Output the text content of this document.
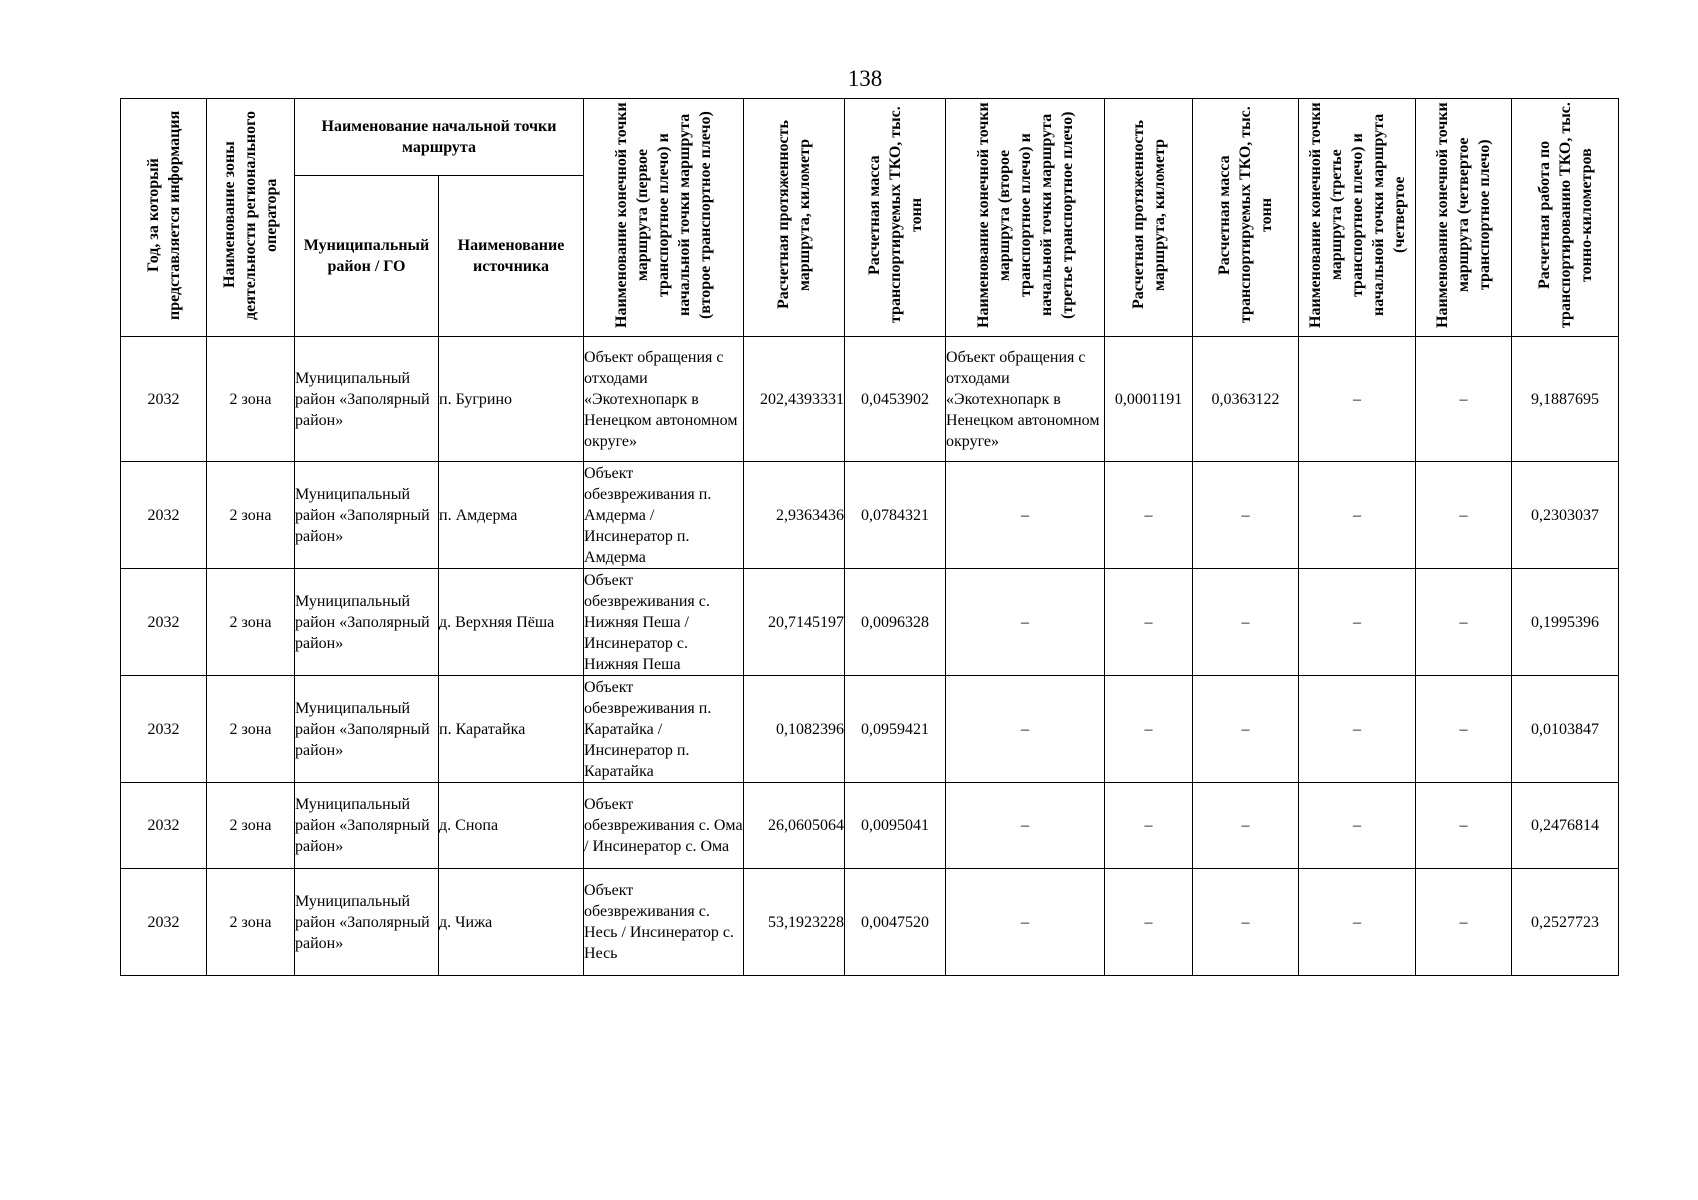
138
Год, за который представляется информация	Наименование зоны деятельности регионального оператора	Наименование начальной точки маршрута		Наименование конечной точки маршрута (первое транспортное плечо) и начальной точки маршрута (второе транспортное плечо)	Расчетная протяженность маршрута, километр	Расчетная масса транспортируемых ТКО, тыс. тонн	Наименование конечной точки маршрута (второе транспортное плечо) и начальной точки маршрута (третье транспортное плечо)	Расчетная протяженность маршрута, километр	Расчетная масса транспортируемых ТКО, тыс. тонн	Наименование конечной точки маршрута (третье транспортное плечо) и начальной точки маршрута (четвертое	Наименование конечной точки маршрута (четвертое транспортное плечо)	Расчетная работа по транспортированию ТКО, тыс. тонно-километров
		Муниципальный район / ГО	Наименование источника									
2032	2 зона	Муниципальный район «Заполярный район»	п. Бугрино	Объект обращения с отходами «Экотехнопарк в Ненецком автономном округе»	202,4393331	0,0453902	Объект обращения с отходами «Экотехнопарк в Ненецком автономном округе»	0,0001191	0,0363122	–	–	9,1887695
2032	2 зона	Муниципальный район «Заполярный район»	п. Амдерма	Объект обезвреживания п. Амдерма / Инсинератор п. Амдерма	2,9363436	0,0784321	–	–	–	–	–	0,2303037
2032	2 зона	Муниципальный район «Заполярный район»	д. Верхняя Пёша	Объект обезвреживания с. Нижняя Пеша / Инсинератор с. Нижняя Пеша	20,7145197	0,0096328	–	–	–	–	–	0,1995396
2032	2 зона	Муниципальный район «Заполярный район»	п. Каратайка	Объект обезвреживания п. Каратайка / Инсинератор п. Каратайка	0,1082396	0,0959421	–	–	–	–	–	0,0103847
2032	2 зона	Муниципальный район «Заполярный район»	д. Снопа	Объект обезвреживания с. Ома / Инсинератор с. Ома	26,0605064	0,0095041	–	–	–	–	–	0,2476814
2032	2 зона	Муниципальный район «Заполярный район»	д. Чижа	Объект обезвреживания с. Несь / Инсинератор с. Несь	53,1923228	0,0047520	–	–	–	–	–	0,2527723
